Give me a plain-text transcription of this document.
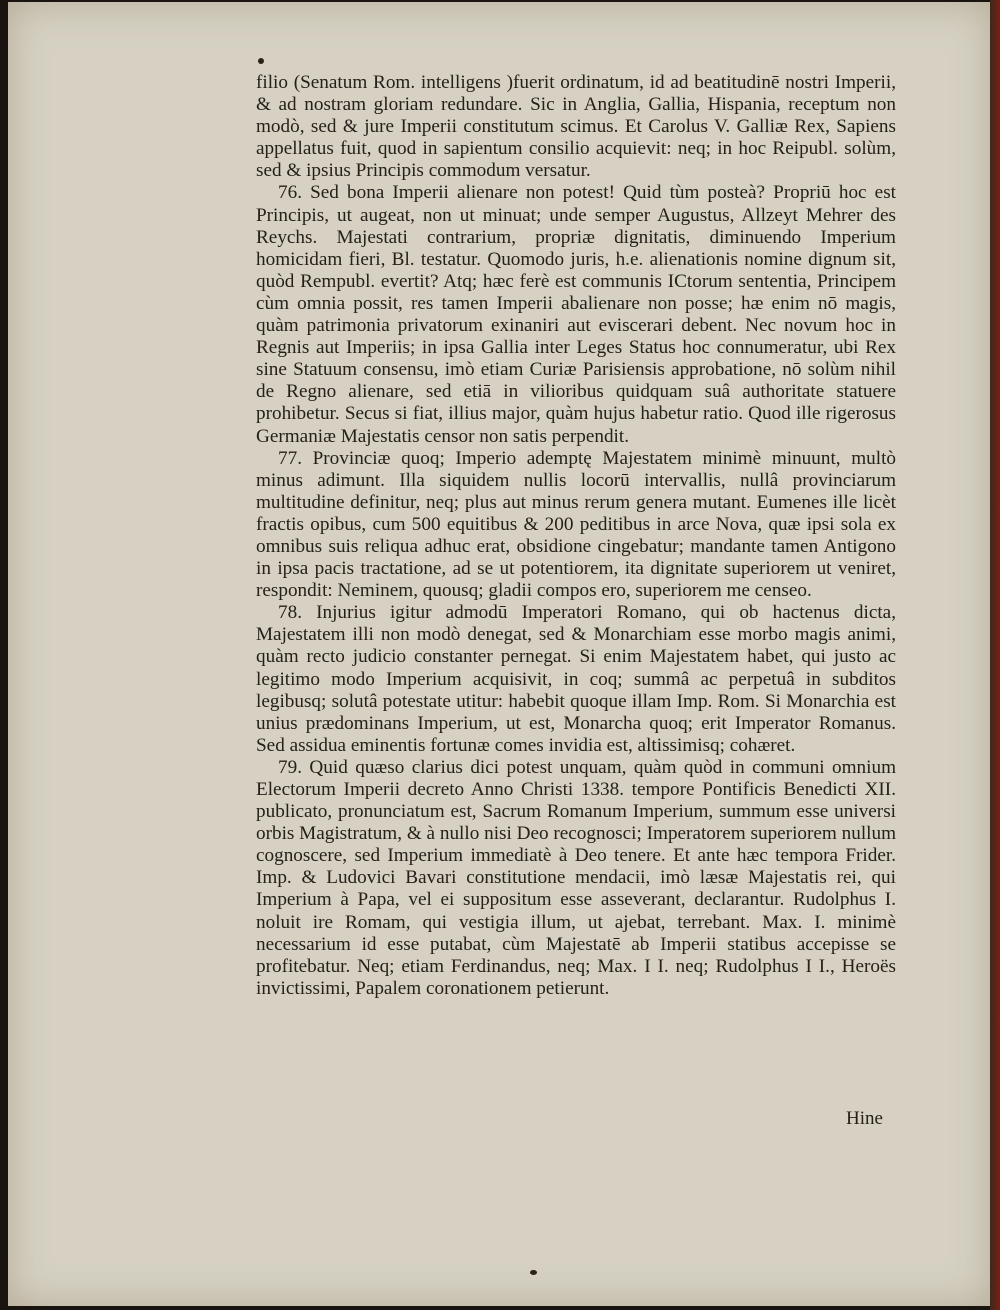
filio (Senatum Rom. intelligens )fuerit ordinatum, id ad beatitudinē nostri Imperii, & ad nostram gloriam redundare. Sic in Anglia, Gallia, Hispania, receptum non modò, sed & jure Imperii constitutum scimus. Et Carolus V. Galliæ Rex, Sapiens appellatus fuit, quod in sapientum consilio acquievit: neq; in hoc Reipubl. solùm, sed & ipsius Principis commodum versatur.

76. Sed bona Imperii alienare non potest! Quid tùm posteà? Propriū hoc est Principis, ut augeat, non ut minuat; unde semper Augustus, Allzeyt Mehrer des Reychs. Majestati contrarium, propriæ dignitatis, diminuendo Imperium homicidam fieri, Bl. testatur. Quomodo juris, h.e. alienationis nomine dignum sit, quòd Rempubl. evertit? Atq; hæc ferè est communis ICtorum sententia, Principem cùm omnia possit, res tamen Imperii abalienare non posse; hæ enim nō magis, quàm patrimonia privatorum exinaniri aut eviscerari debent. Nec novum hoc in Regnis aut Imperiis; in ipsa Gallia inter Leges Status hoc connumeratur, ubi Rex sine Statuum consensu, imò etiam Curiæ Parisiensis approbatione, nō solùm nihil de Regno alienare, sed etiā in vilioribus quidquam suâ authoritate statuere prohibetur. Secus si fiat, illius major, quàm hujus habetur ratio. Quod ille rigerosus Germaniæ Majestatis censor non satis perpendit.

77. Provinciæ quoq; Imperio ademptę Majestatem minimè minuunt, multò minus adimunt. Illa siquidem nullis locorū intervallis, nullâ provinciarum multitudine definitur, neq; plus aut minus rerum genera mutant. Eumenes ille licèt fractis opibus, cum 500 equitibus & 200 peditibus in arce Nova, quæ ipsi sola ex omnibus suis reliqua adhuc erat, obsidione cingebatur; mandante tamen Antigono in ipsa pacis tractatione, ad se ut potentiorem, ita dignitate superiorem ut veniret, respondit: Neminem, quousq; gladii compos ero, superiorem me censeo.

78. Injurius igitur admodū Imperatori Romano, qui ob hactenus dicta, Majestatem illi non modò denegat, sed & Monarchiam esse morbo magis animi, quàm recto judicio constanter pernegat. Si enim Majestatem habet, qui justo ac legitimo modo Imperium acquisivit, in coq; summâ ac perpetuâ in subditos legibusq; solutâ potestate utitur: habebit quoque illam Imp. Rom. Si Monarchia est unius prædominans Imperium, ut est, Monarcha quoq; erit Imperator Romanus. Sed assidua eminentis fortunæ comes invidia est, altissimisq; cohæret.

79. Quid quæso clarius dici potest unquam, quàm quòd in communi omnium Electorum Imperii decreto Anno Christi 1338. tempore Pontificis Benedicti XII. publicato, pronunciatum est, Sacrum Romanum Imperium, summum esse universi orbis Magistratum, & à nullo nisi Deo recognosci; Imperatorem superiorem nullum cognoscere, sed Imperium immediatè à Deo tenere. Et ante hæc tempora Frider. Imp. & Ludovici Bavari constitutione mendacii, imò læsæ Majestatis rei, qui Imperium à Papa, vel ei suppositum esse asseverant, declarantur. Rudolphus I. noluit ire Romam, qui vestigia illum, ut ajebat, terrebant. Max. I. minimè necessarium id esse putabat, cùm Majestatē ab Imperii statibus accepisse se profitebatur. Neq; etiam Ferdinandus, neq; Max. I I. neq; Rudolphus I I., Heroës invictissimi, Papalem coronationem petierunt.

Hine
